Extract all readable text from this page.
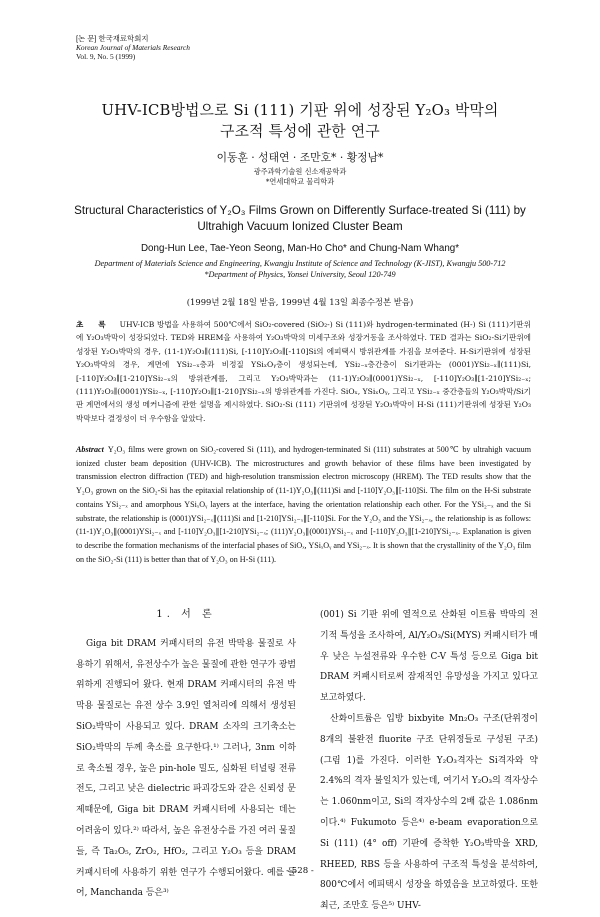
[논 문] 한국재료학회지
Korean Journal of Materials Research
Vol. 9, No. 5 (1999)
UHV-ICB방법으로 Si (111) 기판 위에 성장된 Y₂O₃ 박막의
구조적 특성에 관한 연구
이동훈 · 성태연 · 조만호* · 황정남*
광주과학기술원 신소재공학과
*연세대학교 물리학과
Structural Characteristics of Y₂O₃ Films Grown on Differently Surface-treated Si (111) by
Ultrahigh Vacuum Ionized Cluster Beam
Dong-Hun Lee, Tae-Yeon Seong, Man-Ho Cho* and Chung-Nam Whang*
Department of Materials Science and Engineering, Kwangju Institute of Science and Technology (K-JIST), Kwangju 500-712
*Department of Physics, Yonsei University, Seoul 120-749
(1999년 2월 18일 받음, 1999년 4월 13일 최종수정본 받음)
초 록 UHV-ICB 방법을 사용하여 500℃에서 SiO₂-covered (SiO₂-) Si (111)와 hydrogen-terminated (H-) Si (111)기판위에 Y₂O₃박막이 성장되었다. TED와 HREM을 사용하여 Y₂O₃박막의 미세구조와 성장거동을 조사하였다. TED 결과는 SiO₂-Si기판위에 성장된 Y₂O₃박막의 경우, (11-1)Y₂O₃∥(111)Si, [-110]Y₂O₃∥[-110]Si의 에피택시 방위관계를 가짐을 보여준다. H-Si기판위에 성장된 Y₂O₃박막의 경우, 계면에 YSi₂₋ₓ층과 비정질 YSiₓOᵧ층이 생성되는데, YSi₂₋ₓ층간층이 Si기판과는 (0001)YSi₂₋ₓ∥(111)Si, [-110]Y₂O₃∥[1-210]YSi₂₋ₓ의 방위관계를, 그리고 Y₂O₃박막과는 (11-1)Y₂O₃∥(0001)YSi₂₋ₓ, [-110]Y₂O₃∥[1-210]YSi₂₋ₓ; (111)Y₂O₃∥(0001)YSi₂₋ₓ, [-110]Y₂O₃∥[1-210]YSi₂₋ₓ의 방위관계를 가진다. SiOₓ, YSiₓOᵧ, 그리고 YSi₂₋ₓ 중간층들의 Y₂O₃박막/Si기판 계면에서의 생성 메커니즘에 관한 설명을 제시하였다. SiO₂-Si (111) 기판위에 성장된 Y₂O₃박막이 H-Si (111)기판위에 성장된 Y₂O₃박막보다 결정성이 더 우수함을 알았다.
Abstract Y₂O₃ films were grown on SiO₂-covered Si (111), and hydrogen-terminated Si (111) substrates at 500℃ by ultrahigh vacuum ionized cluster beam deposition (UHV-ICB). The microstructures and growth behavior of these films have been investigated by transmission electron diffraction (TED) and high-resolution transmission electron microscopy (HREM). The TED results show that the Y₂O₃ grown on the SiO₂-Si has the epitaxial relationship of (11-1)Y₂O₃∥(111)Si and [-110]Y₂O₃∥[-110]Si. The film on the H-Si substrate contains YSi₂₋ₓ and amorphous YSiₓOᵧ layers at the interface, having the orientation relationship each other. For the YSi₂₋ₓ and the Si substrate, the relationship is (0001)YSi₂₋ₓ∥(111)Si and [1-210]YSi₂₋ₓ∥[-110]Si. For the Y₂O₃ and the YSi₂₋ₓ, the relationship is as follows: (11-1)Y₂O₃∥(0001)YSi₂₋ₓ and [-110]Y₂O₃∥[1-210]YSi₂₋ₓ; (111)Y₂O₃∥(0001)YSi₂₋ₓ and [-110]Y₂O₃∥[1-210]YSi₂₋ₓ. Explanation is given to describe the formation mechanisms of the interfacial phases of SiOₓ, YSiₓOᵧ and YSi₂₋ₓ. It is shown that the crystallinity of the Y₂O₃ film on the SiO₂-Si (111) is better than that of Y₂O₃ on H-Si (111).
1. 서 론

Giga bit DRAM 커패시터의 유전 박막용 물질로 사용하기 위해서, 유전상수가 높은 물질에 관한 연구가 광범위하게 진행되어 왔다. 현재 DRAM 커패시터의 유전 박막용 물질로는 유전 상수 3.9인 열처리에 의해서 생성된 SiO₂박막이 사용되고 있다. DRAM 소자의 크기축소는 SiO₂박막의 두께 축소를 요구한다.¹⁾ 그러나, 3nm 이하로 축소될 경우, 높은 pin-hole 밀도, 심화된 터널링 전류전도, 그리고 낮은 dielectric 파괴강도와 같은 신뢰성 문제때문에, Giga bit DRAM 커패시터에 사용되는 데는 어려움이 있다.²⁾ 따라서, 높은 유전상수를 가진 여러 물질들, 즉 Ta₂O₅, ZrO₂, HfO₂, 그리고 Y₂O₃ 등을 DRAM 커패시터에 사용하기 위한 연구가 수행되어왔다. 예를 들어, Manchanda 등은³⁾

(001) Si 기판 위에 열적으로 산화된 이트륨 박막의 전기적 특성을 조사하여, Al/Y₂O₃/Si(MYS) 커패시터가 매우 낮은 누설전류와 우수한 C-V 특성 등으로 Giga bit DRAM 커패시터로써 잠재적인 유망성을 가지고 있다고 보고하였다.

산화이트륨은 입방 bixbyite Mn₂O₃ 구조(단위정이 8개의 불완전 fluorite 구조 단위정들로 구성된 구조) (그림 1)를 가진다. 이러한 Y₂O₃격자는 Si격자와 약 2.4%의 격자 불일치가 있는데, 여기서 Y₂O₃의 격자상수는 1.060nm이고, Si의 격자상수의 2배 값은 1.086nm이다.⁴⁾ Fukumoto 등은⁴⁾ e-beam evaporation으로 Si (111) (4° off) 기판에 증착한 Y₂O₃박막을 XRD, RHEED, RBS 등을 사용하여 구조적 특성을 분석하여, 800℃에서 에피택시 성장을 하였음을 보고하였다. 또한 최근, 조만호 등은⁵⁾ UHV-

- 528 -
